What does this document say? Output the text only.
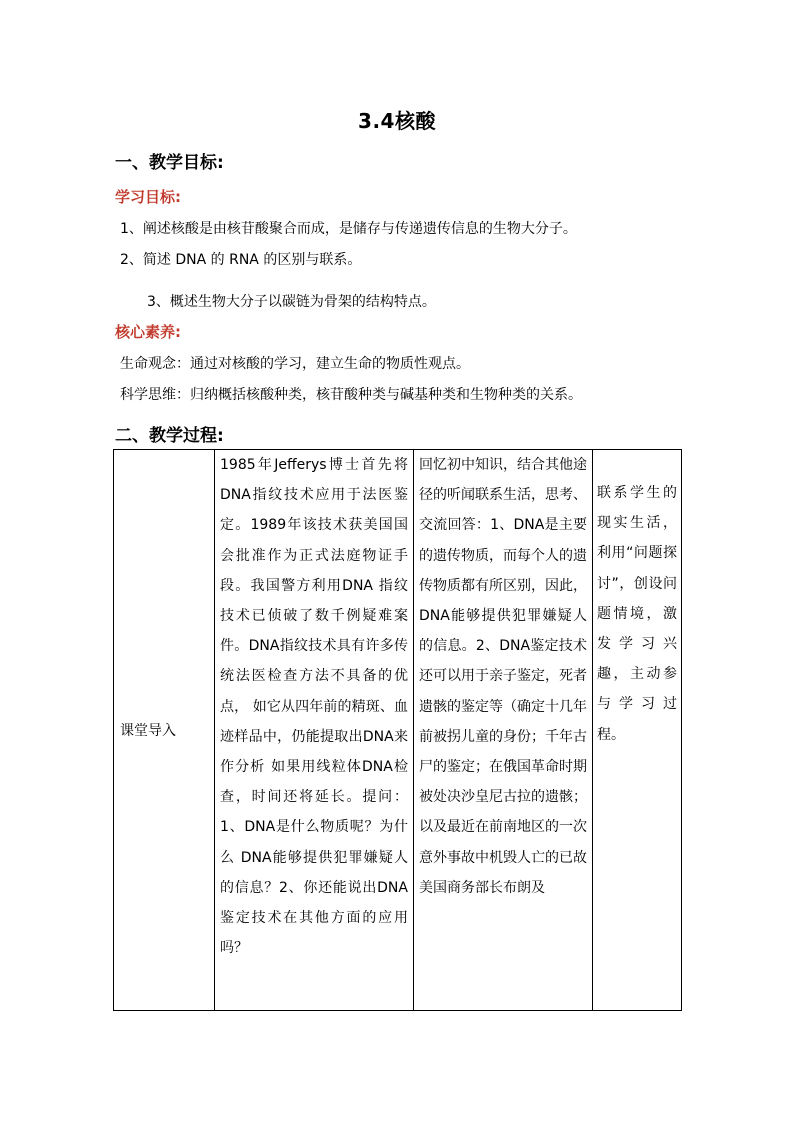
3.4核酸
一、教学目标:
学习目标:
1、阐述核酸是由核苷酸聚合而成，是储存与传递遗传信息的生物大分子。
2、简述 DNA 的 RNA 的区别与联系。
3、概述生物大分子以碳链为骨架的结构特点。
核心素养:
生命观念：通过对核酸的学习，建立生命的物质性观点。
科学思维：归纳概括核酸种类，核苷酸种类与碱基种类和生物种类的关系。
二、教学过程:
课堂导入	
1985年Jefferys博士首先将DNA指纹技术应用于法医鉴定。1989年该技术获美国国会批准作为正式法庭物证手段。我国警方利用DNA 指纹技术已侦破了数千例疑难案件。DNA指纹技术具有许多传统法医检查方法不具备的优点， 如它从四年前的精斑、血迹样品中，仍能提取出DNA来作分析 如果用线粒体DNA检查，时间还将延长。提问：1、DNA是什么物质呢？为什么 DNA能够提供犯罪嫌疑人的信息？2、你还能说出DNA鉴定技术在其他方面的应用吗？

回忆初中知识，结合其他途径的听闻联系生活，思考、交流回答：1、DNA是主要的遗传物质，而每个人的遗传物质都有所区别，因此，DNA能够提供犯罪嫌疑人的信息。2、DNA鉴定技术还可以用于亲子鉴定，死者遗骸的鉴定等（确定十几年前被拐儿童的身份；千年古尸的鉴定；在俄国革命时期被处决沙皇尼古拉的遗骸；以及最近在前南地区的一次意外事故中机毁人亡的已故美国商务部长布朗及

联系学生的现实生活，利用“问题探讨”，创设问题情境，激发学习兴趣，主动参与学习过程。
